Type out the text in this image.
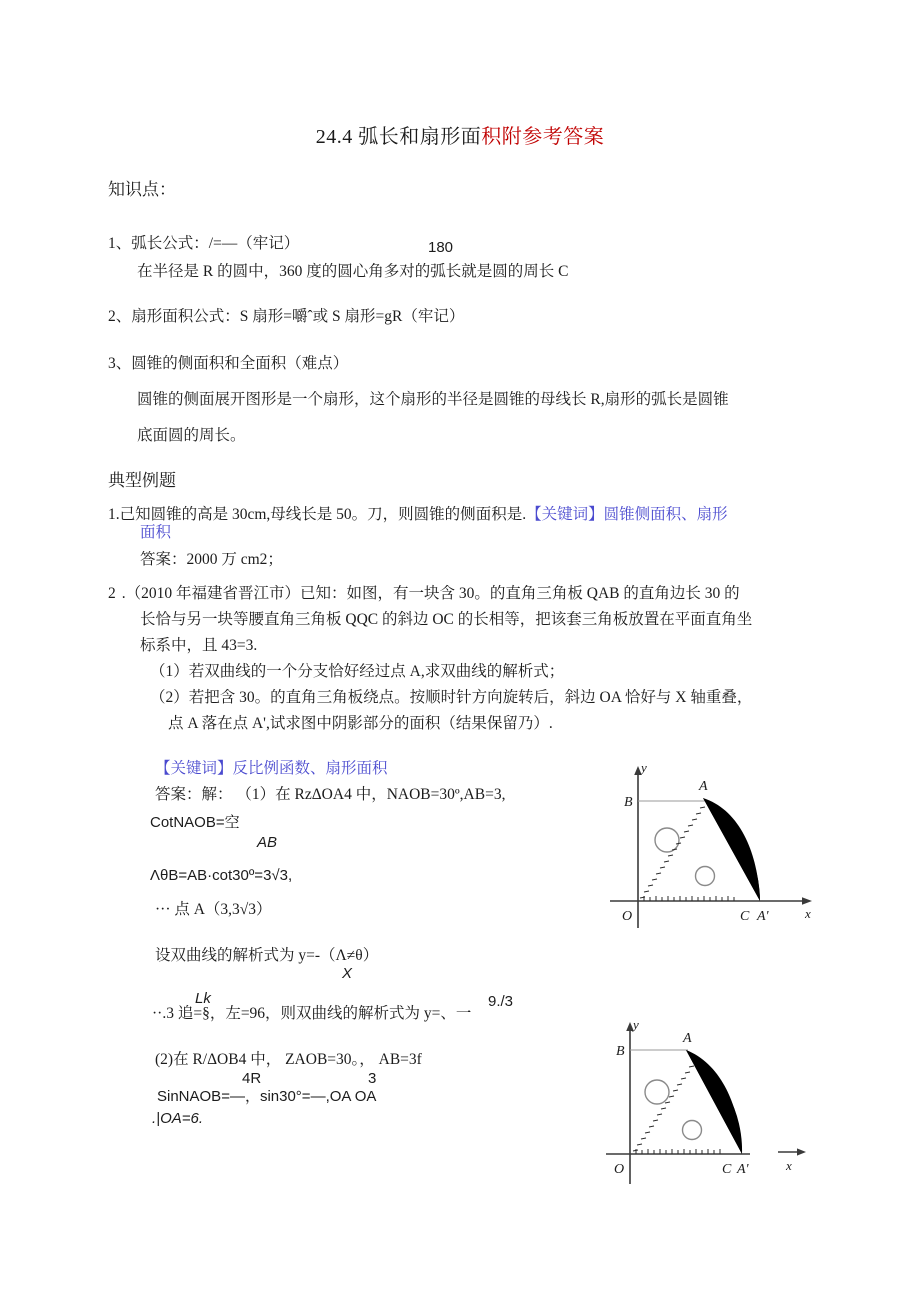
24.4 弧长和扇形面积附参考答案
知识点：
1、弧长公式：/=—（牢记）	180
在半径是 R 的圆中，360 度的圆心角多对的弧长就是圆的周长 C
2、扇形面积公式：S 扇形=嚼ˆ或 S 扇形=gR（牢记）
3、圆锥的侧面积和全面积（难点）
圆锥的侧面展开图形是一个扇形，这个扇形的半径是圆锥的母线长 R,扇形的弧长是圆锥
底面圆的周长。
典型例题
1.己知圆锥的高是 30cm,母线长是 50。刀，则圆锥的侧面积是.【关键词】圆锥侧面积、扇形
面积
答案：2000 万 cm2；
2 .（2010 年福建省晋江市）已知：如图，有一块含 30。的直角三角板 QAB 的直角边长 30 的
长恰与另一块等腰直角三角板 QQC 的斜边 OC 的长相等，把该套三角板放置在平面直角坐
标系中，且 43=3.
（1）若双曲线的一个分支恰好经过点 A,求双曲线的解析式；
（2）若把含 30。的直角三角板绕点。按顺时针方向旋转后，斜边 OA 恰好与 X 轴重叠，
点 A 落在点 A',试求图中阴影部分的面积（结果保留乃）.
【关键词】反比例函数、扇形面积
答案：解： （1）在 RzΔOA4 中，NAOB=30º,AB=3,
CotNAOB=空
AB
ΛθB=AB·cot30º=3√3,
··· 点 A（3,3√3）
设双曲线的解析式为 y=-（Λ≠θ）
X
Lk
··.3 追=§，左=96，则双曲线的解析式为 y=、一
9./3
(2)在 R/ΔOB4 中， ZAOB=30。， AB=3f
4R	3
SinNAOB=—，sin30°=—,OA OA
.|OA=6.
y
B
A
O	C A'	x
y
B
A
O	C A'	x
